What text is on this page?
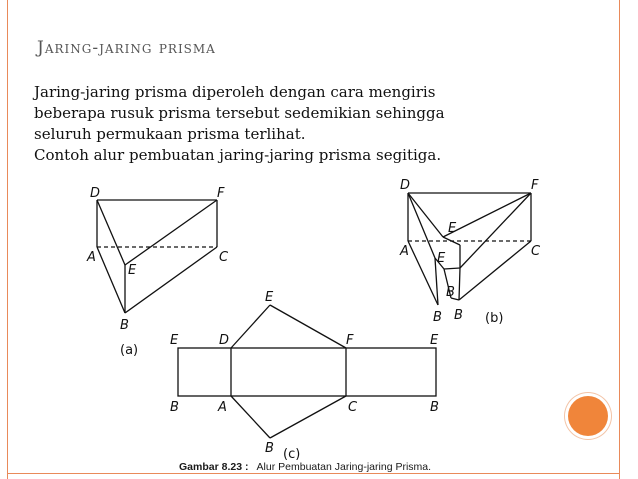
Jaring-jaring prisma
Jaring-jaring prisma diperoleh dengan cara mengiris
beberapa rusuk prisma tersebut sedemikian sehingga
seluruh permukaan prisma terlihat.
Contoh alur pembuatan jaring-jaring prisma segitiga.
D	F
A	C
E
B
(a)
D	F
E
A E	C
B
B B (b)
E
E	D	F	E
B	A	C	B
B (c)
Gambar 8.23 : Alur Pembuatan Jaring-jaring Prisma.
